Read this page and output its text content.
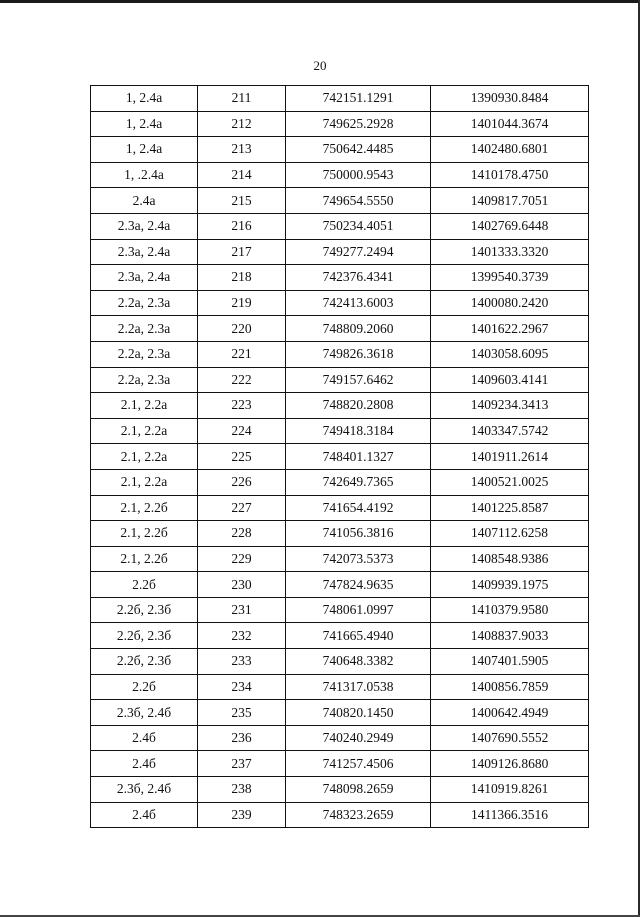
20
1, 2.4a	211	742151.1291	1390930.8484
1, 2.4a	212	749625.2928	1401044.3674
1, 2.4a	213	750642.4485	1402480.6801
1, .2.4a	214	750000.9543	1410178.4750
2.4a	215	749654.5550	1409817.7051
2.3a, 2.4a	216	750234.4051	1402769.6448
2.3a, 2.4a	217	749277.2494	1401333.3320
2.3a, 2.4a	218	742376.4341	1399540.3739
2.2a, 2.3a	219	742413.6003	1400080.2420
2.2a, 2.3a	220	748809.2060	1401622.2967
2.2a, 2.3a	221	749826.3618	1403058.6095
2.2a, 2.3a	222	749157.6462	1409603.4141
2.1, 2.2a	223	748820.2808	1409234.3413
2.1, 2.2a	224	749418.3184	1403347.5742
2.1, 2.2a	225	748401.1327	1401911.2614
2.1, 2.2a	226	742649.7365	1400521.0025
2.1, 2.2б	227	741654.4192	1401225.8587
2.1, 2.2б	228	741056.3816	1407112.6258
2.1, 2.2б	229	742073.5373	1408548.9386
2.2б	230	747824.9635	1409939.1975
2.2б, 2.3б	231	748061.0997	1410379.9580
2.2б, 2.3б	232	741665.4940	1408837.9033
2.2б, 2.3б	233	740648.3382	1407401.5905
2.2б	234	741317.0538	1400856.7859
2.3б, 2.4б	235	740820.1450	1400642.4949
2.4б	236	740240.2949	1407690.5552
2.4б	237	741257.4506	1409126.8680
2.3б, 2.4б	238	748098.2659	1410919.8261
2.4б	239	748323.2659	1411366.3516
